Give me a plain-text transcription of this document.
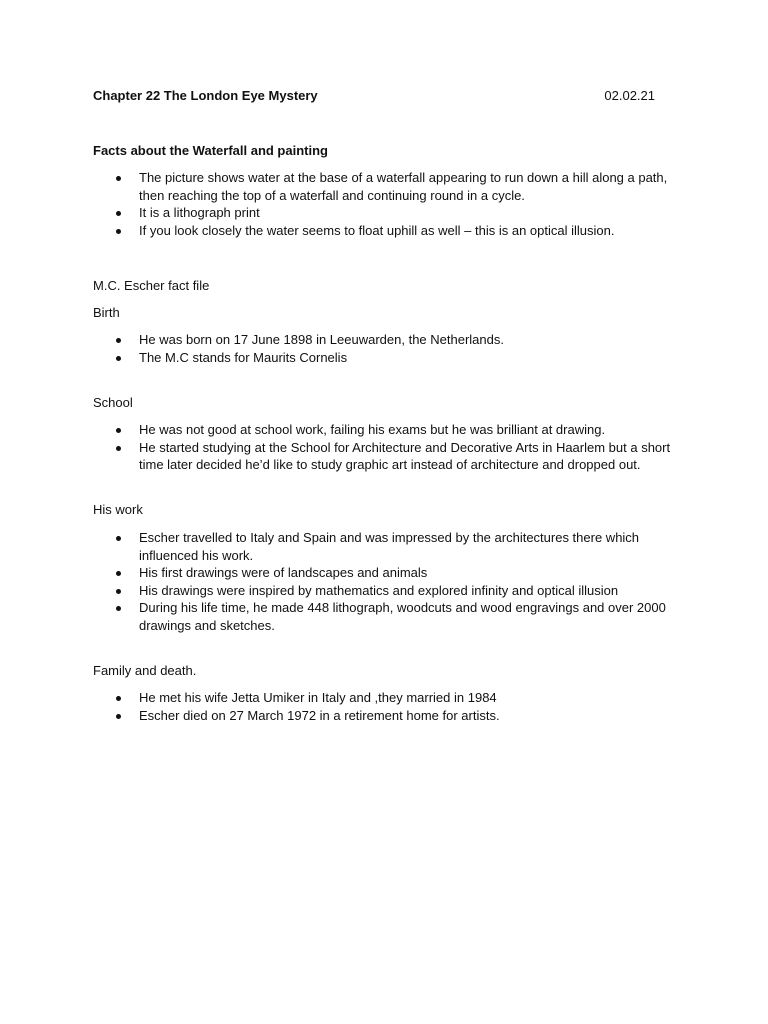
Chapter 22 The London Eye Mystery	02.02.21
Facts about the Waterfall and painting
The picture shows water at the base of a waterfall appearing to run down a hill along a path, then reaching the top of a waterfall and continuing round in a cycle.
It is a lithograph print
If you look closely the water seems to float uphill as well – this is an optical illusion.
M.C. Escher fact file
Birth
He was born on 17 June 1898 in Leeuwarden, the Netherlands.
The M.C stands for Maurits Cornelis
School
He was not good at school work, failing his exams but he was brilliant at drawing.
He started studying at the School for Architecture and Decorative Arts in Haarlem but a short time later decided he’d like to study graphic art instead of architecture and dropped out.
His work
Escher travelled to Italy and Spain and was impressed by the architectures there which influenced his work.
His first drawings were of landscapes and animals
His drawings were inspired by mathematics and explored infinity and optical illusion
During his life time, he made 448 lithograph, woodcuts and wood engravings and over 2000 drawings and sketches.
Family and death.
He met his wife Jetta Umiker in Italy and ,they married in 1984
Escher died on 27 March 1972 in a retirement home for artists.
